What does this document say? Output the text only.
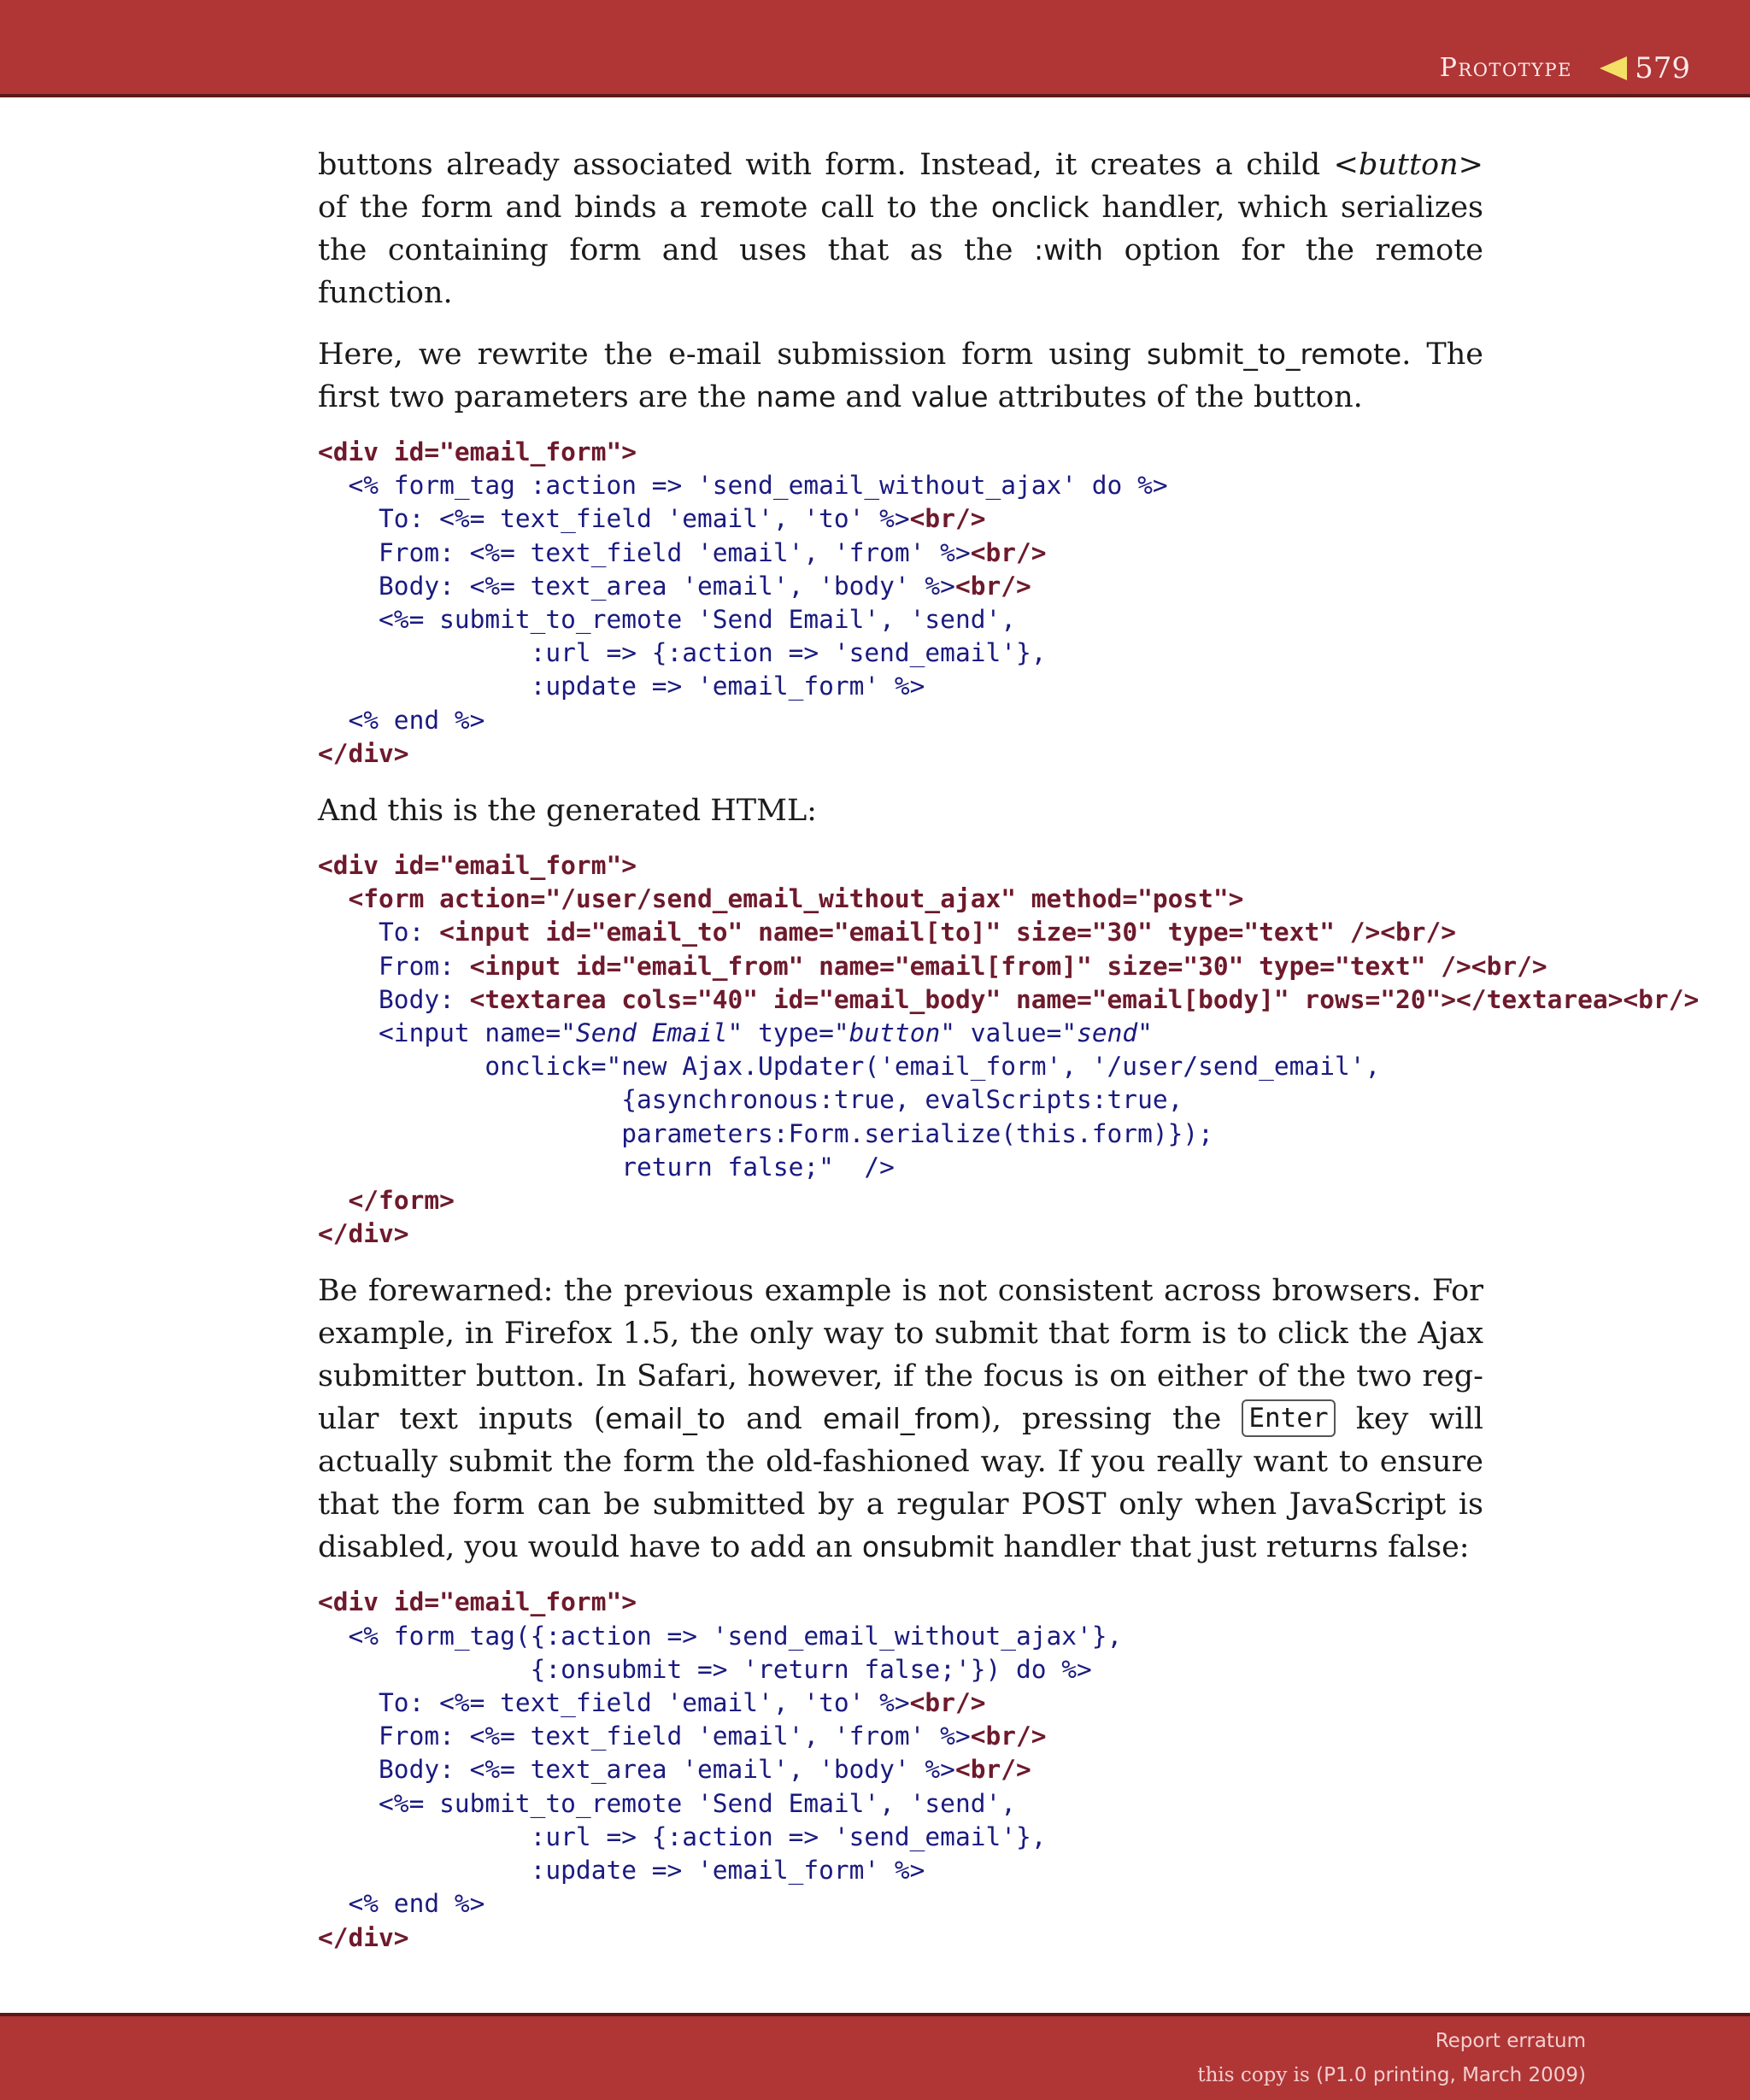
Prototype 579

buttons already associated with form. Instead, it creates a child <button> of the form and binds a remote call to the onclick handler, which serializes the containing form and uses that as the :with option for the remote function.

Here, we rewrite the e-mail submission form using submit_to_remote. The first two parameters are the name and value attributes of the button.

<div id="email_form">
<% form_tag :action => 'send_email_without_ajax' do %>
To: <%= text_field 'email', 'to' %><br/>
From: <%= text_field 'email', 'from' %><br/>
Body: <%= text_area 'email', 'body' %><br/>
<%= submit_to_remote 'Send Email', 'send',
:url => {:action => 'send_email'},
:update => 'email_form' %>
<% end %>
</div>

And this is the generated HTML:

<div id="email_form">
<form action="/user/send_email_without_ajax" method="post">
To: <input id="email_to" name="email[to]" size="30" type="text" /><br/>
From: <input id="email_from" name="email[from]" size="30" type="text" /><br/>
Body: <textarea cols="40" id="email_body" name="email[body]" rows="20"></textarea><br/>
<input name="Send Email" type="button" value="send"
onclick="new Ajax.Updater('email_form', '/user/send_email',
{asynchronous:true, evalScripts:true,
parameters:Form.serialize(this.form)});
return false;"  />
</form>
</div>

Be forewarned: the previous example is not consistent across browsers. For example, in Firefox 1.5, the only way to submit that form is to click the Ajax submitter button. In Safari, however, if the focus is on either of the two regular text inputs (email_to and email_from), pressing the Enter key will actually submit the form the old-fashioned way. If you really want to ensure that the form can be submitted by a regular POST only when JavaScript is disabled, you would have to add an onsubmit handler that just returns false:

<div id="email_form">
<% form_tag({:action => 'send_email_without_ajax'},
{:onsubmit => 'return false;'}) do %>
To: <%= text_field 'email', 'to' %><br/>
From: <%= text_field 'email', 'from' %><br/>
Body: <%= text_area 'email', 'body' %><br/>
<%= submit_to_remote 'Send Email', 'send',
:url => {:action => 'send_email'},
:update => 'email_form' %>
<% end %>
</div>
Report erratum
this copy is (P1.0 printing, March 2009)
